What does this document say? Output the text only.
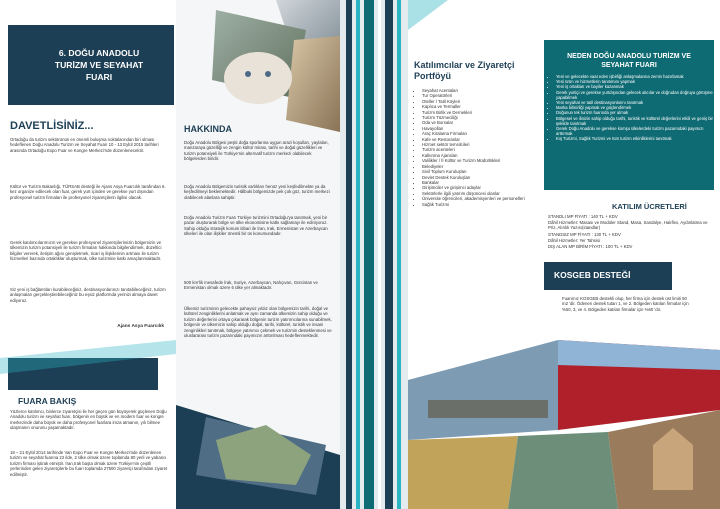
6. DOĞU ANADOLU TURİZM VE SEYAHAT FUARI
DAVETLİSİNİZ...
Ortadoğu da turizm sektörünün en önemli buluşma noktalarından biri olması hedeflenen Doğu Anadolu Turizm ve Seyahat Fuarı 10 - 13 Eylül 2015 tarihleri arasında Ortadoğu Expo Fuar ve Kongre Merkezi'nde düzenlenecektir.
Kültür ve Turizm Bakanlığı, TÜRSAB desteği ile Ajans Asya Fuarcılık tarafından 6. kez organize edilecek olan fuar, gerek yurt içinden ve gerekse yurt dışından profesyonel turizm firmaları ile profesyonel ziyaretçilerin ilgilisi olacak.
Gerek katılımcılarımızın ve gerekse profesyonel ziyaretçilerimizin bölgemizin ve ülkemizin turizm potansiyeli ile turizm firmaları hakkında bilgilendirmek, düzeltici bilgiler vererek, iletişim ağını genişletmek, ticari iş ilişkilerinin artması ile turizm hizmetleri bazında ortaklıklar oluşturmak, ülke turizmine katkı amaçlanmaktadır.
Siz yeni iş bağlantıları kurabileceğiniz, destinasyonlarınızı tanıtabileceğiniz, turizm anlaşmaları gerçekleştirebileceğiniz bu eşsiz platformda yerinizi almaya davet ediyoruz.
Ajans Asya Fuarcılık
FUARA BAKIŞ
Yüzlerce katılımcı, binlerce ziyaretçisi ile her geçen gün büyüyerek güçlenen Doğu Anadolu turizm ve seyahat fuarı, bölgenin en büyük ve en modern fuar ve kongre merkezinde daha büyük ve daha profesyonel fuarlara imza atmanın, yılı bilmee ulaşmanın onurunu yaşamaktadır.
18 – 21 Eylül 2014 tarihinde Van Expo Fuar ve Kongre Merkezi'nde düzenlenen turizm ve seyahat fuarına 22 ilde, 2 ülke olmak üzere toplamda 80 yerli ve yabancı turizm firması iştirak etmiştir. İran,Irak başta olmak üzere Türkiye'nin çeşitli yerlerinden gelen ziyaretçilerle bu fuarı toplamda 27500 ziyaretçi tarafından ziyaret edilmiştir.
HAKKINDA
Doğu Anadolu Bölgesi peşiti doğa sporlarına uygun arazi koşulları, yaylaları, manzaraya güzelliği ve zengin kültür mirası, tarihi ve doğal güzellikleri ve turizm potansiyeli ile Türkiye'nin alternatif turizm merkezi olabilecek bölgelerden biridir.
Doğu Anadolu Bölgemizin turistik varlıkları henüz yeni keşfedilmekte ya da keşfedilmeyi beklemektedir. Hâlbuki bölgemizde pek çok göz, turizm merkezi olabilecek alanlara sahiptir.
Doğu Anadolu Turizm Fuarı Türkiye turizmini Ortadoğu'ya tanıtmak, yeni bir pazar oluşturarak bölge ve ülke ekonomisine katkı sağlamayı ile ediniyoruz. Sahip olduğu stratejik konum itibari ile İran, Irak, Ermenistan ve Azerbaycan ülkeleri ile olan ilişkiler önemli bir üs konumundadır.
500 km'lik mesafede İrak, Suriye, Azerbaycan, Nahçıvan, Gürcistan ve Ermenistan olmak üzere 6 ülke yer almaktadır.
Ülkemiz turizminin gelecekte pahaysiz yıldız olan bölgemizin tarihi, doğal ve kültürel zenginliklerini anlatmak ve aynı zamanda ülkemizin sahip olduğu ve turizm değerlerini ortaya çıkararak bölgenin turizm yatırımcılarına sunabilmek, bölgenin ve ülkemizin sahip olduğu doğal, tarihi, kültürel, turistik ve insani zenginlikleri tanıtmak, bölgeye yatırımcı çekmek ve turizmin desteklenmesi ve uluslararası turizm pazarındaki payımızın arttırılması hedeflenmektedir.
Katılımcılar ve Ziyaretçi Portföyü
• Seyahat Acentaları
• Tur Operatörleri
• Oteller / Tatil Köyleri
• Kaplıca ve Termaller
• Turizm Birlik ve Dernekleri
• Turizm Tüzmeciliği
• Oda ve Borsalar
• Havayolları
• Araç Kiralama Firmaları
• Kafe ve Restoranlar
• Hizmet sektör temsilcileri
• Turizm acenteleri
• Kalkınma Ajansları
• Valilikler / İl Kültür ve Turizm Müdürlükleri
• Belediyeler
• Sivil Toplum Kuruluşları
• Devlet Destek Kuruluşları
• Bankalar
• Girişimciler ve girişimci adaylar
• Sektörlerle ilgili yatırım düşüncesi olanlar
• Üniversite öğrencileri, akademisyenleri ve personelleri
• Sağlık Turizmi
NEDEN DOĞU ANADOLU TURİZM VE SEYAHAT FUARI
• Yeni ve gelecekte vaat eden işbirliği anlaşmalarına zemin hazırlamak
• Yeni ürün ve hizmetlerin tanıtımını yapmak
• Yeni iş ortakları ve bayiler kazanmak
• Gerek yurtiçi ve gerekse yurtdışından gelecek alıcılar ve doğrudan doğruya görüşme yapabilmek
• Yeni seyahat ve tatil destinasyonlarını tanıtmak
• Marka bilinirliği yapmak ve güçlendirmek
• Doğunun tek turizm fuarında yer almak
• Bölgesel ve ilinizin sahip olduğu tarihi, turistik ve kültürel değerlerini etkili ve geniş bir şekilde tanıtmak
• Gerek Doğu Anadolu ve gerekse komşu ülkelerdeki turizm pazarındaki payımızı arttırmak
• Kış Turizmi, Sağlık Turizmi ve tüm turizm etkinliklerini tanıtmak
KATILIM ÜCRETLERİ
STANDLI MP FİYATI : 140 TL + KDV
Dâhil Hizmetler: Masası ve Modüler Stand, Masa, Sandalye, Halıflex, Aydınlatma ve Priz, Alınlık Yazısı(standlar)
STANDSIZ MP FİYATI : 130 TL + KDV
Dâhil Hizmetler: Yer Tahsisi
DIŞ ALAN MP BİRİM FİYATI : 100 TL + KDV
KOSGEB DESTEĞİ
Fuarımız KOSGEB destekli olup, her firma için destek üst limiti 50 m2 'dir. Ödenen destek tutarı 1, ve 2. Bölgeden katılan firmalar için %50, 3, ve 4. Bölgeden katılan firmalar için %60 'dır.
